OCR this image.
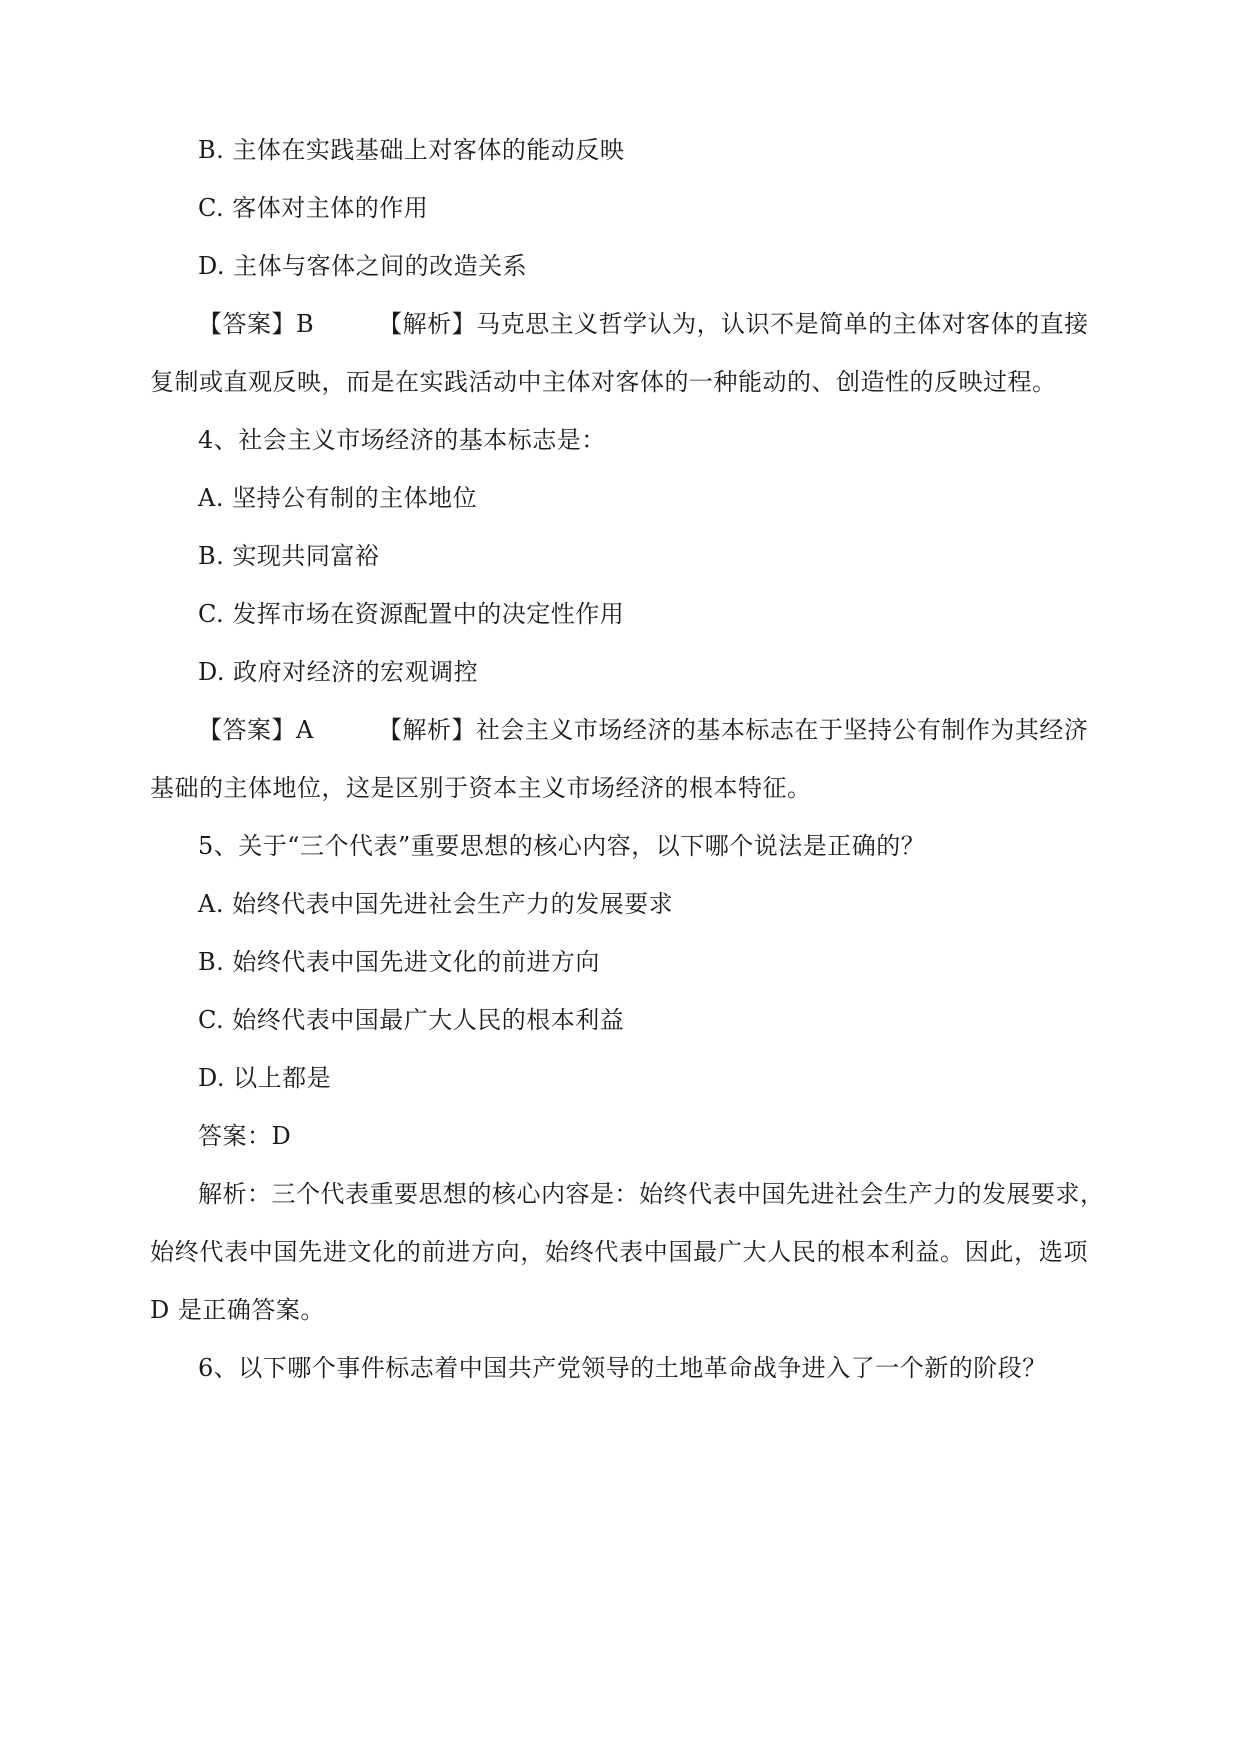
B. 主体在实践基础上对客体的能动反映
C. 客体对主体的作用
D. 主体与客体之间的改造关系
【答案】B	【解析】马克思主义哲学认为，认识不是简单的主体对客体的直接
复制或直观反映，而是在实践活动中主体对客体的一种能动的、创造性的反映过程。
4、社会主义市场经济的基本标志是：
A. 坚持公有制的主体地位
B. 实现共同富裕
C. 发挥市场在资源配置中的决定性作用
D. 政府对经济的宏观调控
【答案】A	【解析】社会主义市场经济的基本标志在于坚持公有制作为其经济
基础的主体地位，这是区别于资本主义市场经济的根本特征。
5、关于“三个代表”重要思想的核心内容，以下哪个说法是正确的？
A. 始终代表中国先进社会生产力的发展要求
B. 始终代表中国先进文化的前进方向
C. 始终代表中国最广大人民的根本利益
D. 以上都是
答案：D
解析：三个代表重要思想的核心内容是：始终代表中国先进社会生产力的发展要求，
始终代表中国先进文化的前进方向，始终代表中国最广大人民的根本利益。因此，选项
D 是正确答案。
6、以下哪个事件标志着中国共产党领导的土地革命战争进入了一个新的阶段？
